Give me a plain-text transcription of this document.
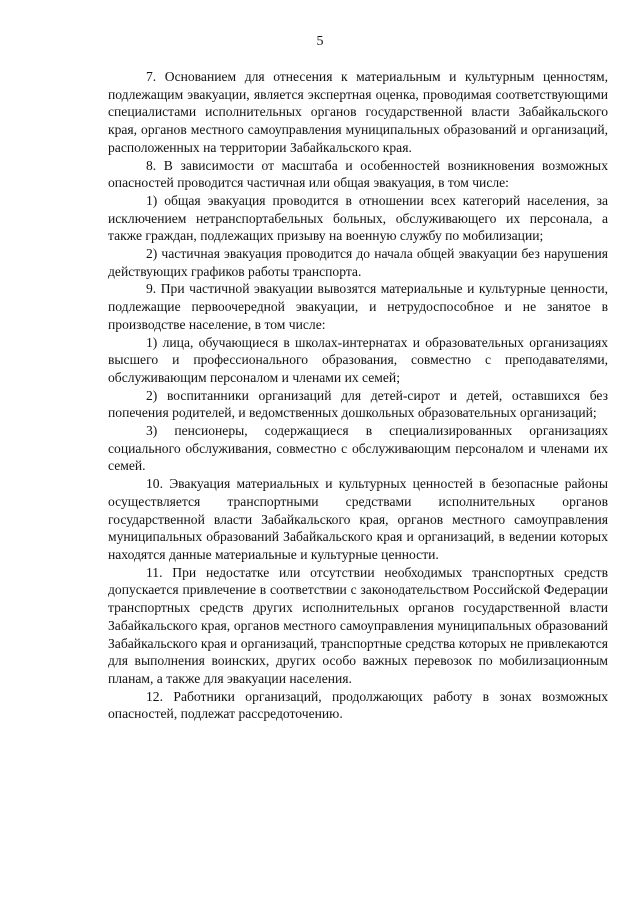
5

7. Основанием для отнесения к материальным и культурным ценностям, подлежащим эвакуации, является экспертная оценка, проводимая соответствующими специалистами исполнительных органов государственной власти Забайкальского края, органов местного самоуправления муниципальных образований и организаций, расположенных на территории Забайкальского края.

8. В зависимости от масштаба и особенностей возникновения возможных опасностей проводится частичная или общая эвакуация, в том числе:

1) общая эвакуация проводится в отношении всех категорий населения, за исключением нетранспортабельных больных, обслуживающего их персонала, а также граждан, подлежащих призыву на военную службу по мобилизации;

2) частичная эвакуация проводится до начала общей эвакуации без нарушения действующих графиков работы транспорта.

9. При частичной эвакуации вывозятся материальные и культурные ценности, подлежащие первоочередной эвакуации, и нетрудоспособное и не занятое в производстве население, в том числе:

1) лица, обучающиеся в школах-интернатах и образовательных организациях высшего и профессионального образования, совместно с преподавателями, обслуживающим персоналом и членами их семей;

2) воспитанники организаций для детей-сирот и детей, оставшихся без попечения родителей, и ведомственных дошкольных образовательных организаций;

3) пенсионеры, содержащиеся в специализированных организациях социального обслуживания, совместно с обслуживающим персоналом и членами их семей.

10. Эвакуация материальных и культурных ценностей в безопасные районы осуществляется транспортными средствами исполнительных органов государственной власти Забайкальского края, органов местного самоуправления муниципальных образований Забайкальского края и организаций, в ведении которых находятся данные материальные и культурные ценности.

11. При недостатке или отсутствии необходимых транспортных средств допускается привлечение в соответствии с законодательством Российской Федерации транспортных средств других исполнительных органов государственной власти Забайкальского края, органов местного самоуправления муниципальных образований Забайкальского края и организаций, транспортные средства которых не привлекаются для выполнения воинских, других особо важных перевозок по мобилизационным планам, а также для эвакуации населения.

12. Работники организаций, продолжающих работу в зонах возможных опасностей, подлежат рассредоточению.
